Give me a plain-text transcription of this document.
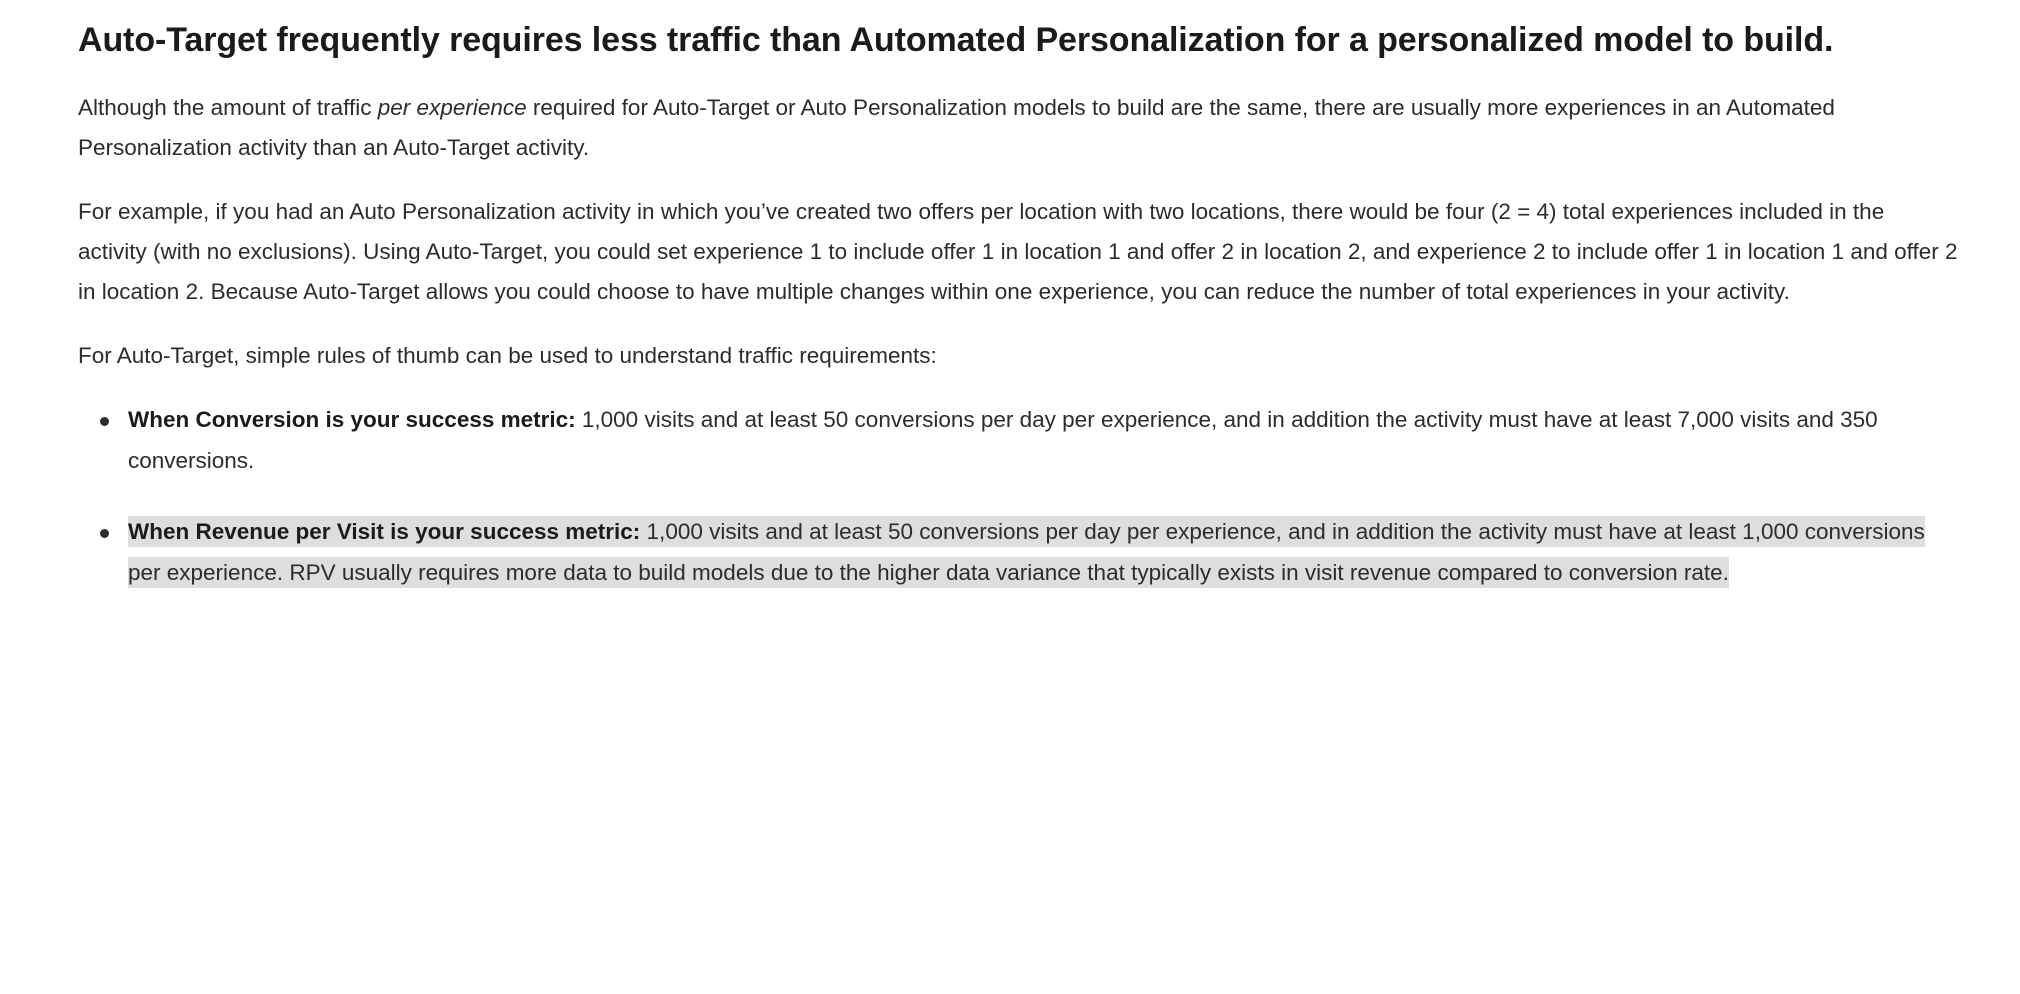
Auto-Target frequently requires less traffic than Automated Personalization for a personalized model to build.

Although the amount of traffic per experience required for Auto-Target or Auto Personalization models to build are the same, there are usually more experiences in an Automated Personalization activity than an Auto-Target activity.

For example, if you had an Auto Personalization activity in which you’ve created two offers per location with two locations, there would be four (2 = 4) total experiences included in the activity (with no exclusions). Using Auto-Target, you could set experience 1 to include offer 1 in location 1 and offer 2 in location 2, and experience 2 to include offer 1 in location 1 and offer 2 in location 2. Because Auto-Target allows you could choose to have multiple changes within one experience, you can reduce the number of total experiences in your activity.

For Auto-Target, simple rules of thumb can be used to understand traffic requirements:

When Conversion is your success metric: 1,000 visits and at least 50 conversions per day per experience, and in addition the activity must have at least 7,000 visits and 350 conversions.
When Revenue per Visit is your success metric: 1,000 visits and at least 50 conversions per day per experience, and in addition the activity must have at least 1,000 conversions per experience. RPV usually requires more data to build models due to the higher data variance that typically exists in visit revenue compared to conversion rate.
